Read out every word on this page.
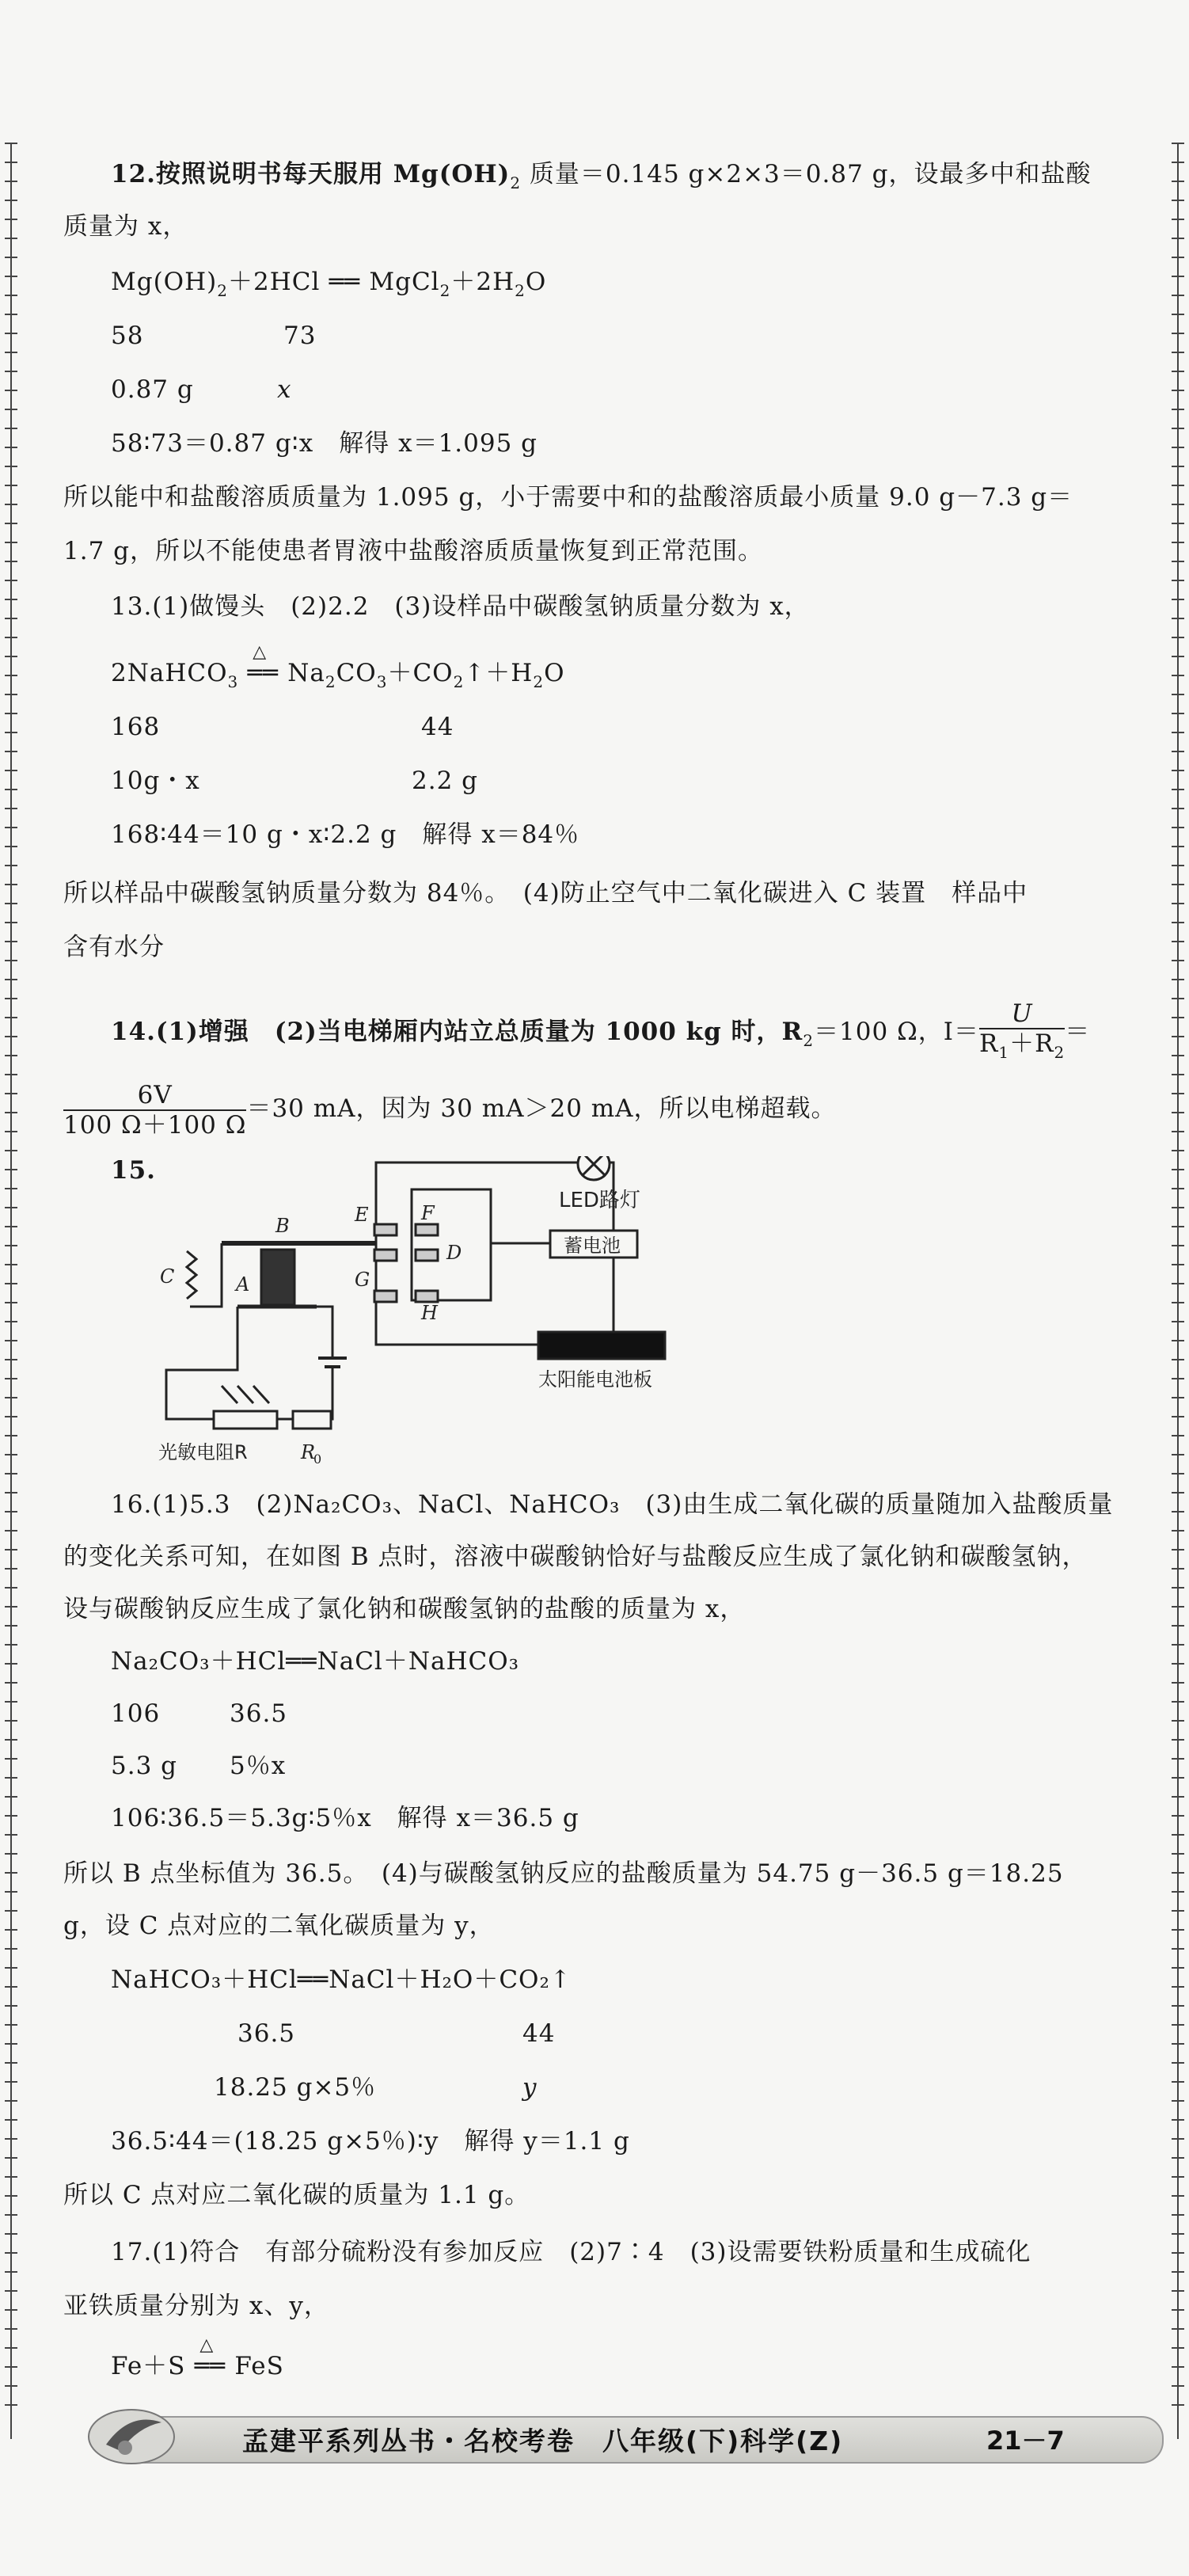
12.按照说明书每天服用 $Mg(OH)_2$ 质量＝0.145 g×2×3＝0.87 g，设最多中和盐酸
质量为 x，
$Mg(OH)_2+2HCl$ ══ $MgCl_2+2H_2O$
58	73
0.87 g	x
58∶73＝0.87 g∶x　解得 x＝1.095 g
所以能中和盐酸溶质质量为 1.095 g，小于需要中和的盐酸溶质最小质量 9.0 g－7.3 g＝
1.7 g，所以不能使患者胃液中盐酸溶质质量恢复到正常范围。
13.(1)做馒头　(2)2.2　(3)设样品中碳酸氢钠质量分数为 x，
2NaHCO$_3$
△
══ $Na_2CO_3+CO_2↑+H_2O$
168	44
10g・x	2.2 g
168∶44＝10 g・x∶2.2 g　解得 x＝84％
所以样品中碳酸氢钠质量分数为 84％。　(4)防止空气中二氧化碳进入 C 装置　样品中
含有水分
14.(1)增强　(2)当电梯厢内站立总质量为 1000 kg 时，$R_2=100$ Ω，$I= \frac{U}{R_1+R_2}$ ＝
$\frac{6V}{100 \Omega+100 \Omega} =30$ mA，因为 30 mA＞20 mA，所以电梯超载。
15.
LED路灯
蓄电池
太阳能电池板
E	F
D
G
H
B
C	A
光敏电阻R	R
0
16.(1)5.3　(2)Na₂CO₃、NaCl、NaHCO₃　(3)由生成二氧化碳的质量随加入盐酸质量
的变化关系可知，在如图 B 点时，溶液中碳酸钠恰好与盐酸反应生成了氯化钠和碳酸氢钠，
设与碳酸钠反应生成了氯化钠和碳酸氢钠的盐酸的质量为 x，
Na₂CO₃＋HCl══NaCl＋NaHCO₃
106	36.5
5.3 g 5％x
106∶36.5＝5.3g∶5％x　解得 x＝36.5 g
所以 B 点坐标值为 36.5。　(4)与碳酸氢钠反应的盐酸质量为 54.75 g－36.5 g＝18.25
g，设 C 点对应的二氧化碳质量为 y，
NaHCO₃＋HCl══NaCl＋H₂O＋CO₂↑
36.5	44
18.25 g×5％	y
36.5∶44＝(18.25 g×5％)∶y　解得 y＝1.1 g
所以 C 点对应二氧化碳的质量为 1.1 g。
17.(1)符合　有部分硫粉没有参加反应　(2)7∶4　(3)设需要铁粉质量和生成硫化
亚铁质量分别为 x、y，
Fe＋S
△
══ FeS
孟建平系列丛书・名校考卷　八年级(下)科学(Z)	21－7
